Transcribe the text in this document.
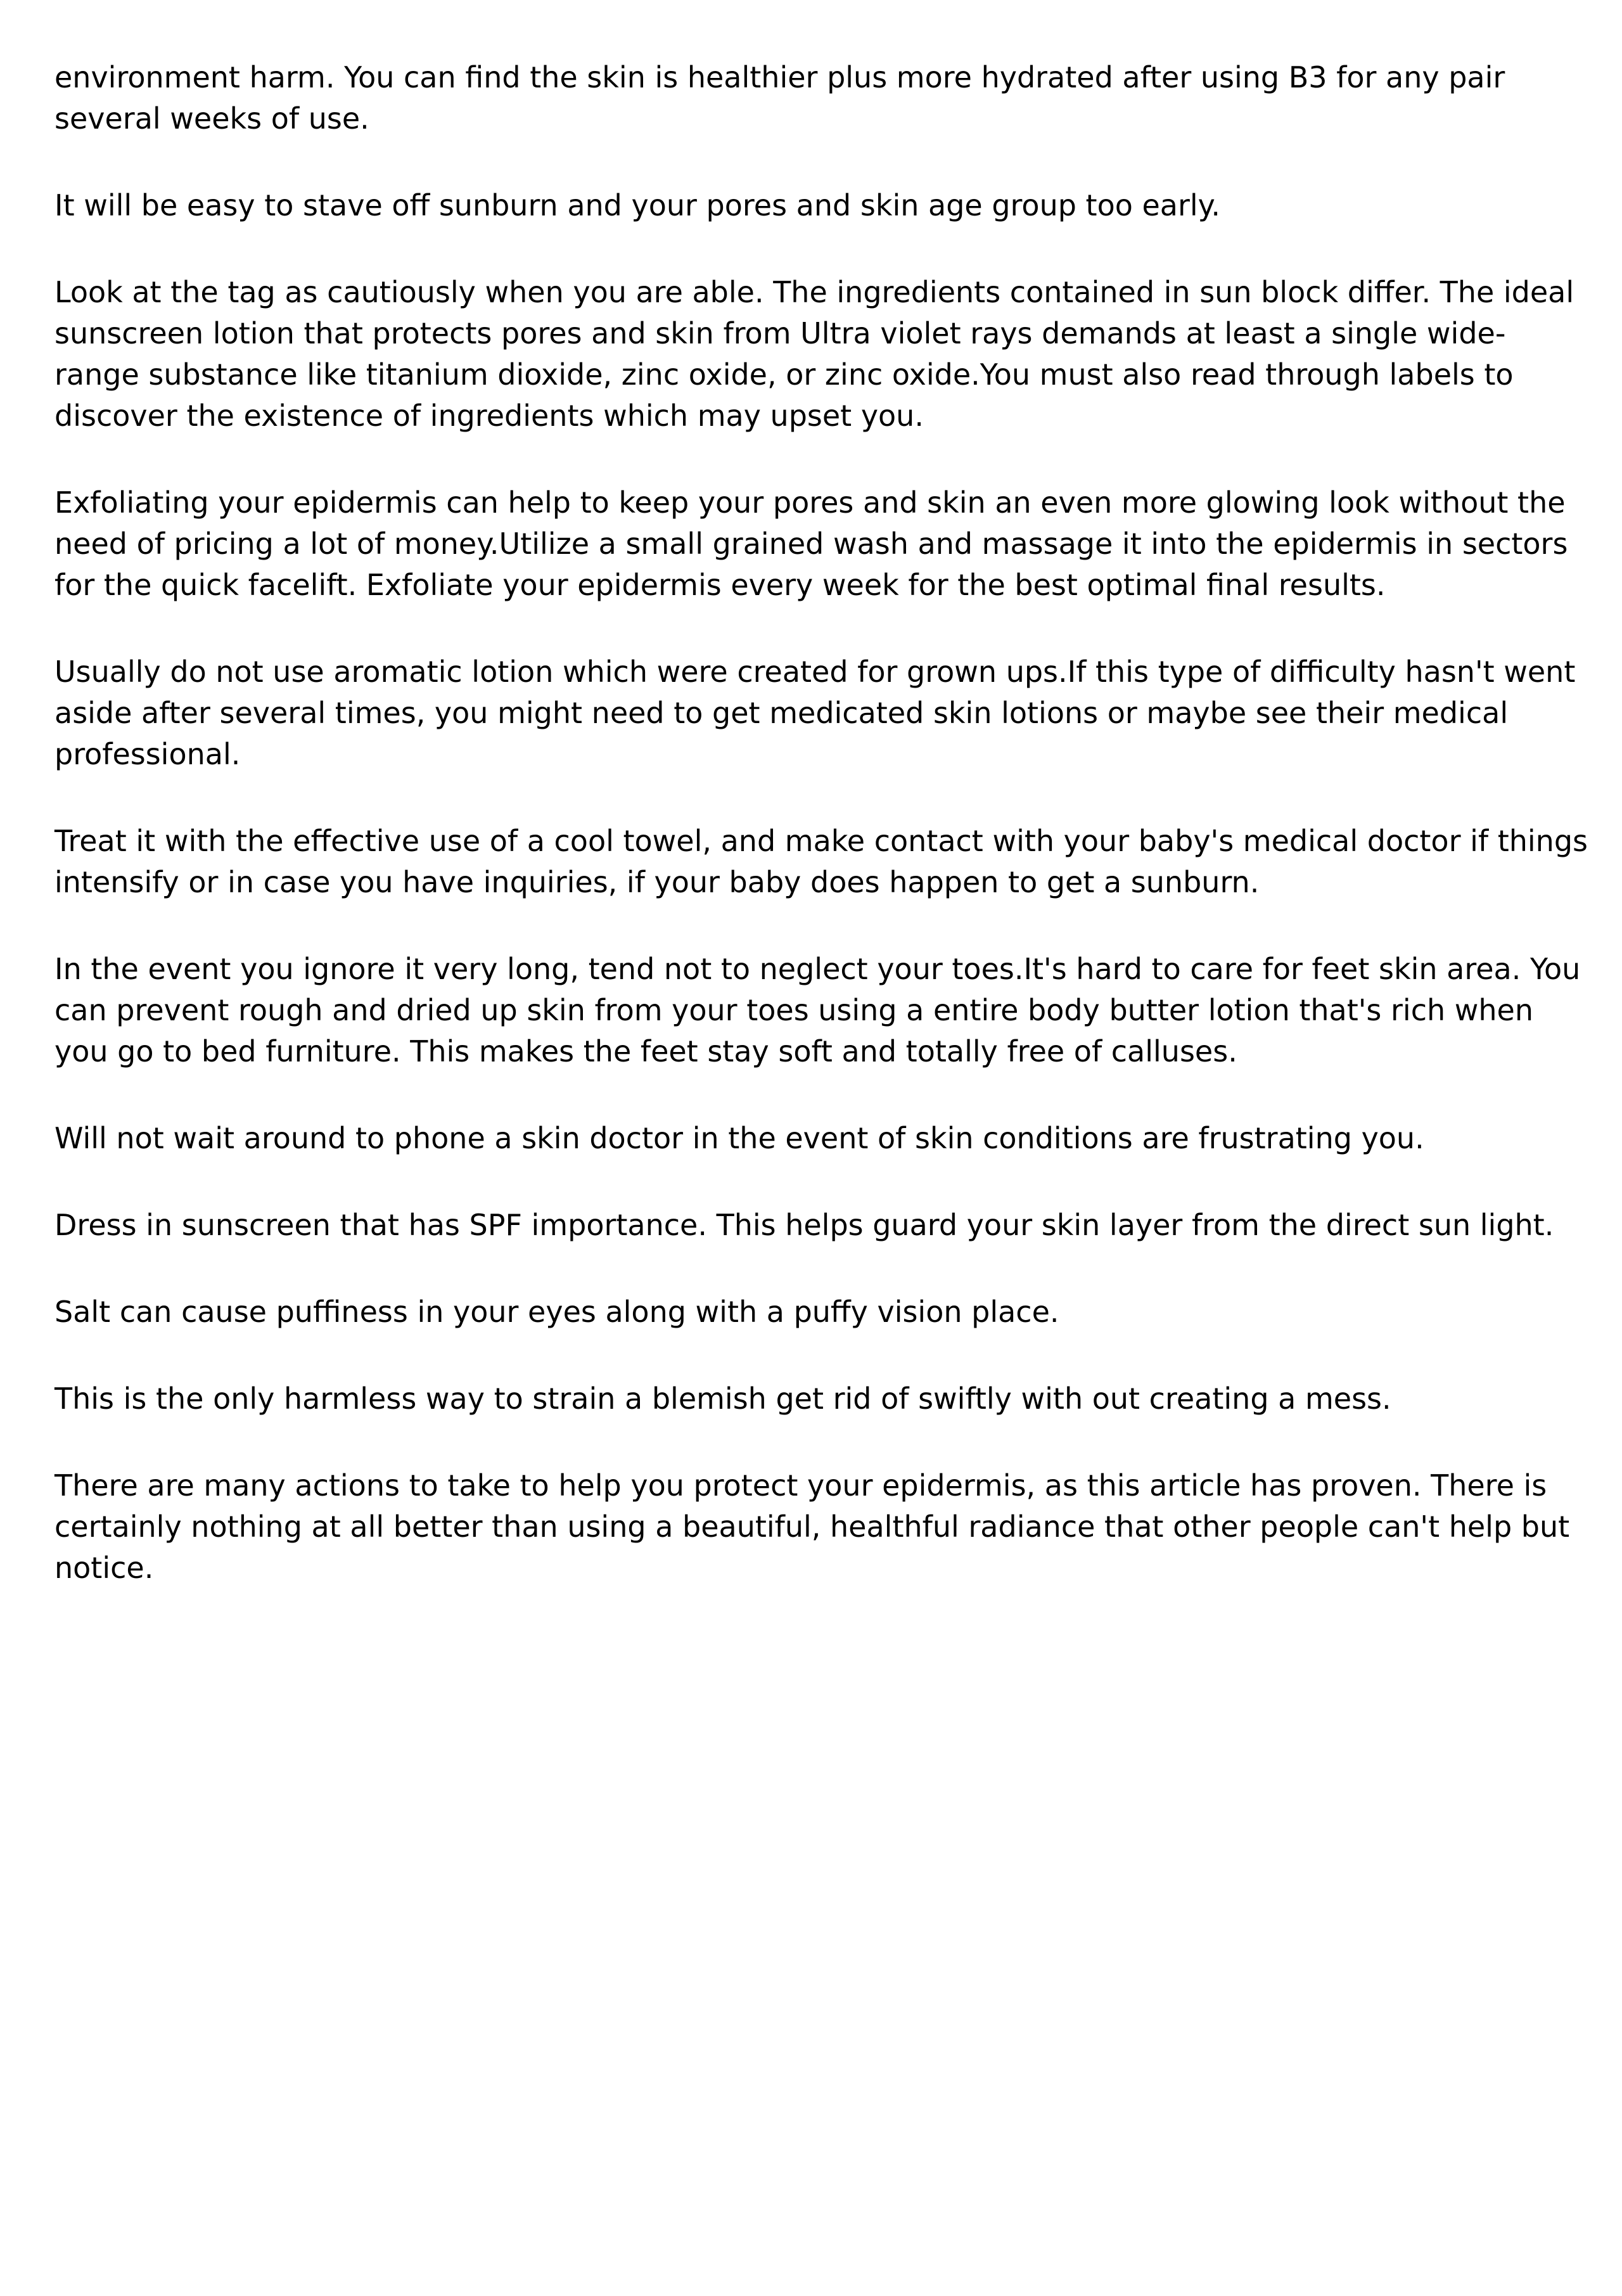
environment harm. You can find the skin is healthier plus more hydrated after using B3 for any pair several weeks of use.

It will be easy to stave off sunburn and your pores and skin age group too early.

Look at the tag as cautiously when you are able. The ingredients contained in sun block differ. The ideal sunscreen lotion that protects pores and skin from Ultra violet rays demands at least a single wide-range substance like titanium dioxide, zinc oxide, or zinc oxide.You must also read through labels to discover the existence of ingredients which may upset you.

Exfoliating your epidermis can help to keep your pores and skin an even more glowing look without the need of pricing a lot of money.Utilize a small grained wash and massage it into the epidermis in sectors for the quick facelift. Exfoliate your epidermis every week for the best optimal final results.

Usually do not use aromatic lotion which were created for grown ups.If this type of difficulty hasn't went aside after several times, you might need to get medicated skin lotions or maybe see their medical professional.

Treat it with the effective use of a cool towel, and make contact with your baby's medical doctor if things intensify or in case you have inquiries, if your baby does happen to get a sunburn.

In the event you ignore it very long, tend not to neglect your toes.It's hard to care for feet skin area. You can prevent rough and dried up skin from your toes using a entire body butter lotion that's rich when you go to bed furniture. This makes the feet stay soft and totally free of calluses.

Will not wait around to phone a skin doctor in the event of skin conditions are frustrating you.

Dress in sunscreen that has SPF importance. This helps guard your skin layer from the direct sun light.

Salt can cause puffiness in your eyes along with a puffy vision place.

This is the only harmless way to strain a blemish get rid of swiftly with out creating a mess.

There are many actions to take to help you protect your epidermis, as this article has proven. There is certainly nothing at all better than using a beautiful, healthful radiance that other people can't help but notice.
